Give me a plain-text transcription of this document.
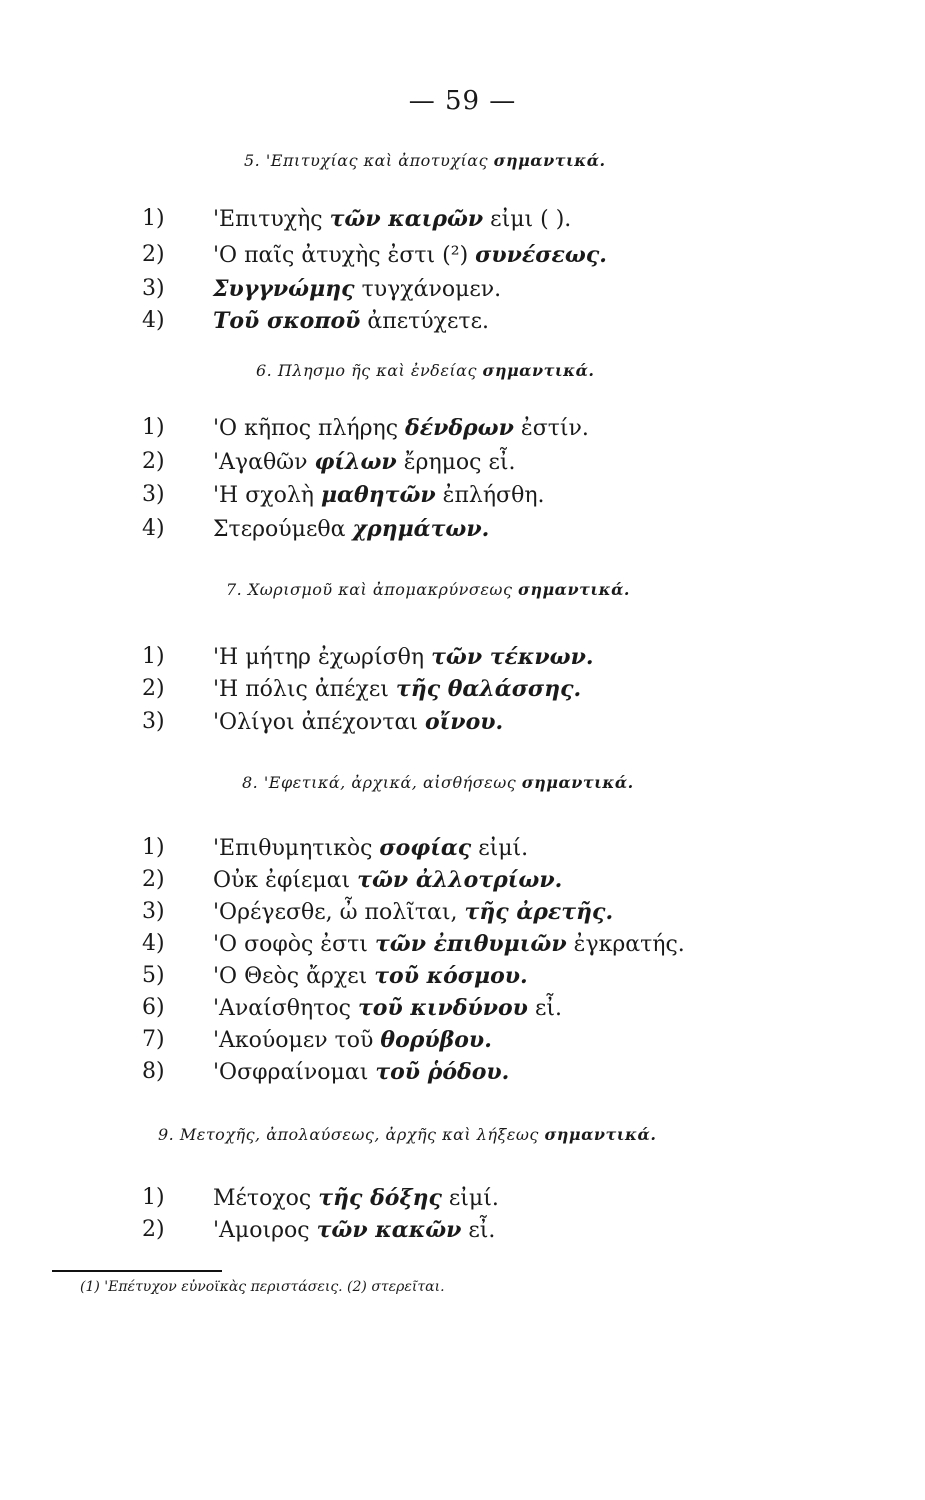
— 59 —
5. 'Επιτυχίας καὶ ἀποτυχίας σημαντικά.
1)	'Επιτυχὴς τῶν καιρῶν εἰμι ( ).
2)	'Ο παῖς ἀτυχὴς ἐστι (²) συνέσεως.
3)	Συγγνώμης τυγχάνομεν.
4)	Τοῦ σκοποῦ ἀπετύχετε.
6. Πλησμο ῆς καὶ ἐνδείας σημαντικά.
1)	'Ο κῆπος πλήρης δένδρων ἐστίν.
2)	'Αγαθῶν φίλων ἔρημος εἶ.
3)	'Η σχολὴ μαθητῶν ἐπλήσθη.
4)	Στερούμεθα χρημάτων.
7. Χωρισμοῦ καὶ ἀπομακρύνσεως σημαντικά.
1)	'Η μήτηρ ἐχωρίσθη τῶν τέκνων.
2)	'Η πόλις ἀπέχει τῆς θαλάσσης.
3)	'Ολίγοι ἀπέχονται οἴνου.
8. 'Εφετικά, ἀρχικά, αἰσθήσεως σημαντικά.
1)	'Επιθυμητικὸς σοφίας εἰμί.
2)	Οὐκ ἐφίεμαι τῶν ἀλλοτρίων.
3)	'Ορέγεσθε, ὦ πολῖται, τῆς ἀρετῆς.
4)	'Ο σοφὸς ἐστι τῶν ἐπιθυμιῶν ἐγκρατής.
5)	'Ο Θεὸς ἄρχει τοῦ κόσμου.
6)	'Αναίσθητος τοῦ κινδύνου εἶ.
7)	'Ακούομεν τοῦ θορύβου.
8)	'Οσφραίνομαι τοῦ ῥόδου.
9. Μετοχῆς, ἀπολαύσεως, ἀρχῆς καὶ λήξεως σημαντικά.
1)	Μέτοχος τῆς δόξης εἰμί.
2)	'Αμοιρος τῶν κακῶν εἶ.
(1) 'Επέτυχον εὐνοϊκὰς περιστάσεις. (2) στερεῖται.
